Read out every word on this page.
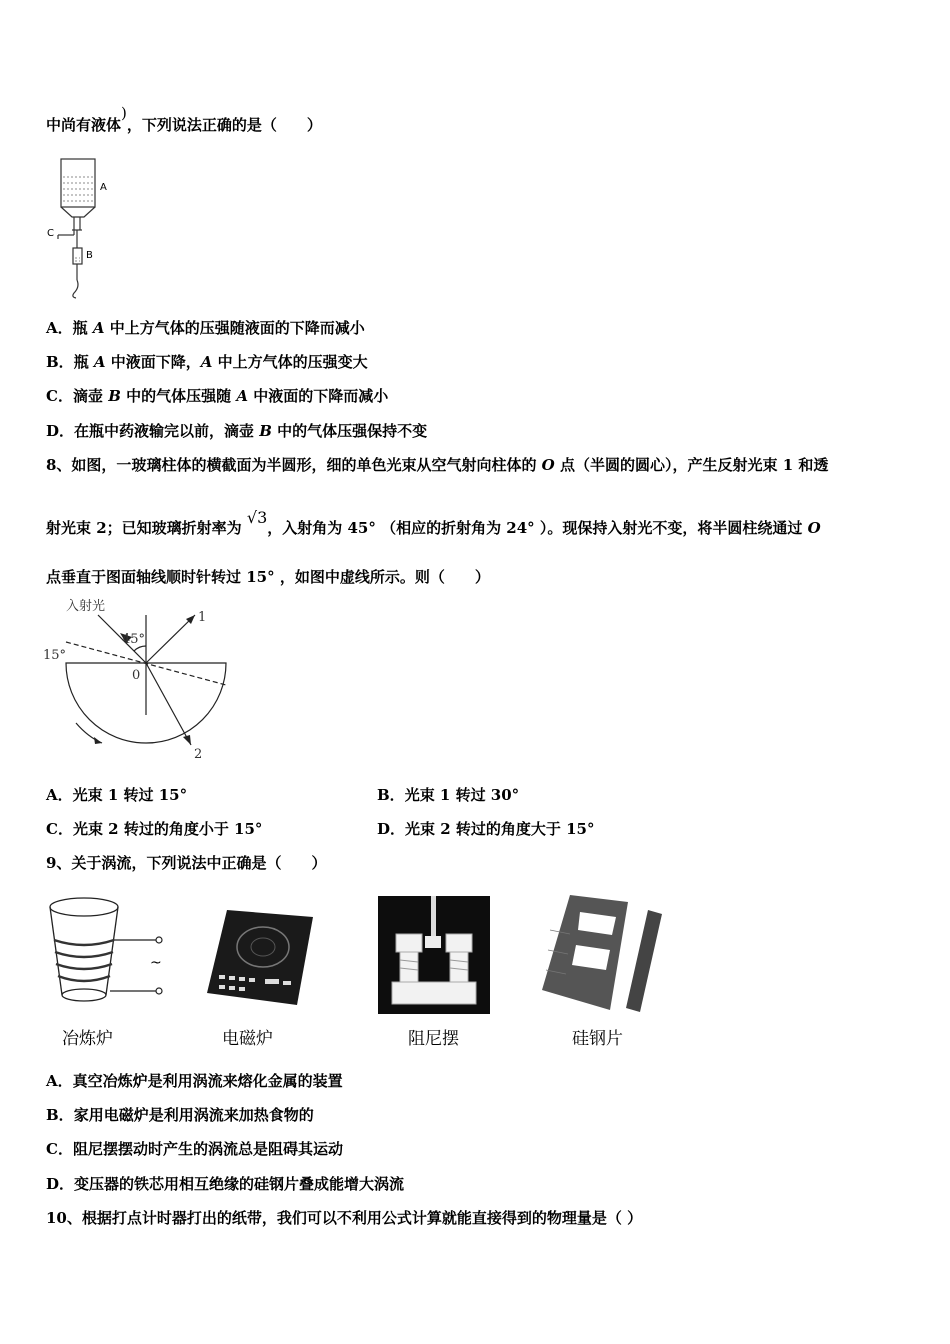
中尚有液体)，下列说法正确的是（　　）
A
C
B
A．瓶 A 中上方气体的压强随液面的下降而减小
B．瓶 A 中液面下降，A 中上方气体的压强变大
C．滴壶 B 中的气体压强随 A 中液面的下降而减小
D．在瓶中药液输完以前，滴壶 B 中的气体压强保持不变
8、如图，一玻璃柱体的横截面为半圆形，细的单色光束从空气射向柱体的 O 点（半圆的圆心），产生反射光束 1 和透
射光束 2；已知玻璃折射率为 √3，入射角为 45° （相应的折射角为 24° ）。现保持入射光不变，将半圆柱绕通过 O
点垂直于图面轴线顺时针转过 15° ，如图中虚线所示。则（　　）
入射光
45°
15°
0
1
2
A．光束 1 转过 15°	B．光束 1 转过 30°
C．光束 2 转过的角度小于 15°	D．光束 2 转过的角度大于 15°
9、关于涡流，下列说法中正确是（　　）
~
冶炼炉	电磁炉	阻尼摆	硅钢片
A．真空冶炼炉是利用涡流来熔化金属的装置
B．家用电磁炉是利用涡流来加热食物的
C．阻尼摆摆动时产生的涡流总是阻碍其运动
D．变压器的铁芯用相互绝缘的硅钢片叠成能增大涡流
10、根据打点计时器打出的纸带，我们可以不利用公式计算就能直接得到的物理量是（ ）
